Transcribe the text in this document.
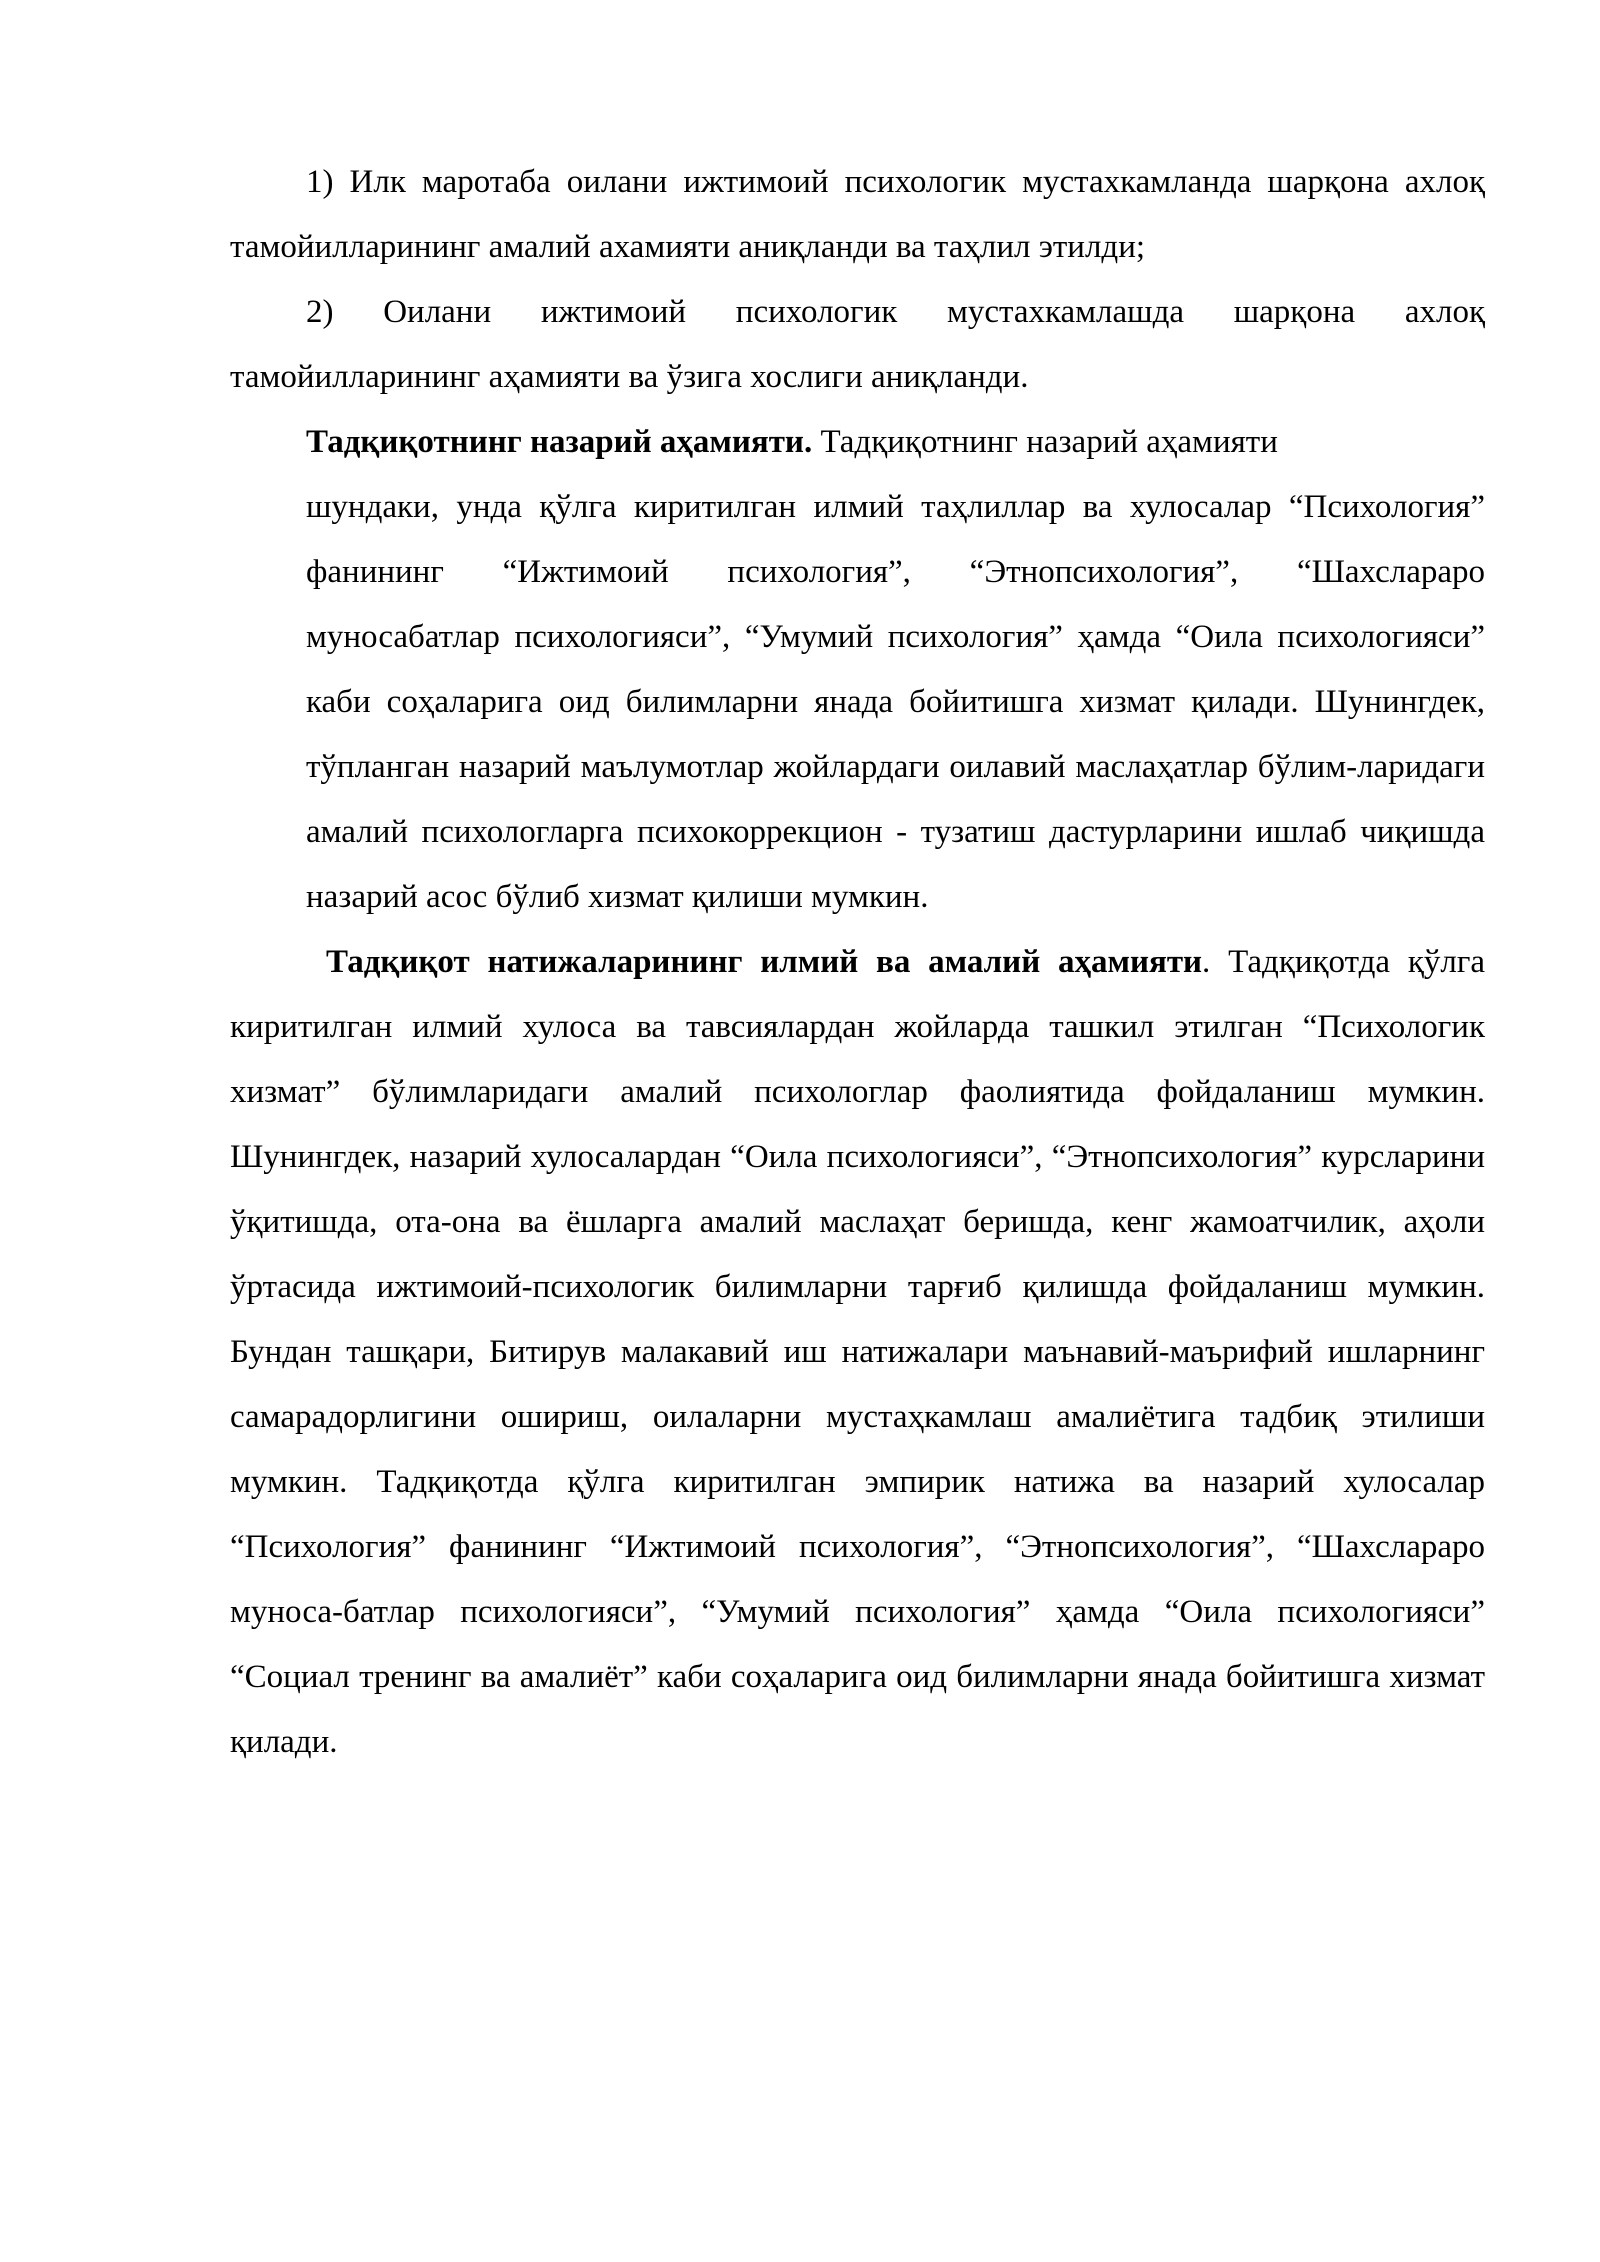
1) Илк маротаба оилани ижтимоий психологик мустахкамланда шарқона ахлоқ тамойилларининг амалий ахамияти аниқланди ва таҳлил этилди;

2) Оилани ижтимоий психологик мустахкамлашда шарқона ахлоқ тамойилларининг аҳамияти ва ўзига хослиги аниқланди.

Тадқиқотнинг назарий аҳамияти. Тадқиқотнинг назарий аҳамияти

шундаки, унда қўлга киритилган илмий таҳлиллар ва хулосалар “Психология” фанининг “Ижтимоий психология”, “Этнопсихология”, “Шахслараро муносабатлар психологияси”, “Умумий психология” ҳамда “Оила психологияси” каби соҳаларига оид билимларни янада бойитишга хизмат қилади. Шунингдек, тўпланган назарий маълумотлар жойлардаги оилавий маслаҳатлар бўлим-ларидаги амалий психологларга психокоррекцион - тузатиш дастурларини ишлаб чиқишда назарий асос бўлиб хизмат қилиши мумкин.

Тадқиқот натижаларининг илмий ва амалий аҳамияти. Тадқиқотда қўлга киритилган илмий хулоса ва тавсиялардан жойларда ташкил этилган “Психологик хизмат” бўлимларидаги амалий психологлар фаолиятида фойдаланиш мумкин. Шунингдек, назарий хулосалардан “Оила психологияси”, “Этнопсихология” курсларини ўқитишда, ота-она ва ёшларга амалий маслаҳат беришда, кенг жамоатчилик, аҳоли ўртасида ижтимоий-психологик билимларни тарғиб қилишда фойдаланиш мумкин. Бундан ташқари, Битирув малакавий иш натижалари маънавий-маърифий ишларнинг самарадорлигини ошириш, оилаларни мустаҳкамлаш амалиётига тадбиқ этилиши мумкин. Тадқиқотда қўлга киритилган эмпирик натижа ва назарий хулосалар “Психология” фанининг “Ижтимоий психология”, “Этнопсихология”, “Шахслараро муноса-батлар психологияси”, “Умумий психология” ҳамда “Оила психологияси” “Социал тренинг ва амалиёт” каби соҳаларига оид билимларни янада бойитишга хизмат қилади.
